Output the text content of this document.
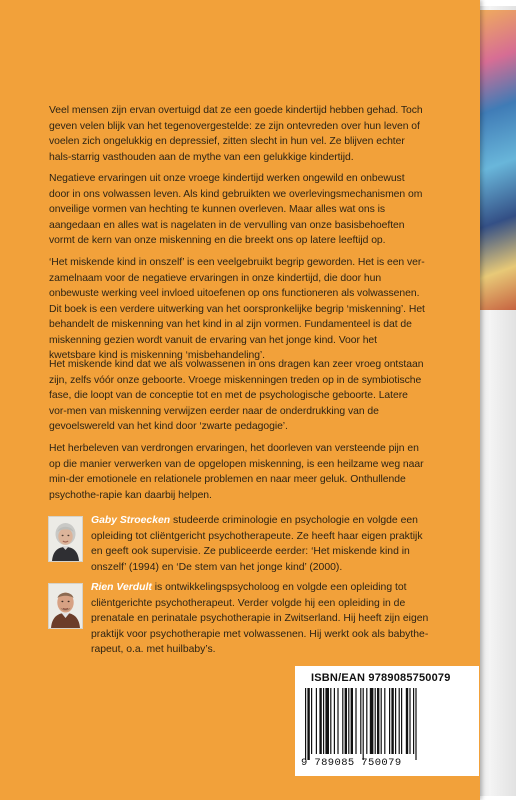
Veel mensen zijn ervan overtuigd dat ze een goede kindertijd hebben gehad. Toch geven velen blijk van het tegenovergestelde: ze zijn ontevreden over hun leven of voelen zich ongelukkig en depressief, zitten slecht in hun vel. Ze blijven echter hals-starrig vasthouden aan de mythe van een gelukkige kindertijd.

Negatieve ervaringen uit onze vroege kindertijd werken ongewild en onbewust door in ons volwassen leven. Als kind gebruikten we overlevingsmechanismen om onveilige vormen van hechting te kunnen overleven. Maar alles wat ons is aangedaan en alles wat is nagelaten in de vervulling van onze basisbehoeften vormt de kern van onze miskenning en die breekt ons op latere leeftijd op.

‘Het miskende kind in onszelf’ is een veelgebruikt begrip geworden. Het is een ver-zamelnaam voor de negatieve ervaringen in onze kindertijd, die door hun onbewuste werking veel invloed uitoefenen op ons functioneren als volwassenen. Dit boek is een verdere uitwerking van het oorspronkelijke begrip ‘miskenning’. Het behandelt de miskenning van het kind in al zijn vormen. Fundamenteel is dat de miskenning gezien wordt vanuit de ervaring van het jonge kind. Voor het kwetsbare kind is miskenning ‘misbehandeling’.

Het miskende kind dat we als volwassenen in ons dragen kan zeer vroeg ontstaan zijn, zelfs vóór onze geboorte. Vroege miskenningen treden op in de symbiotische fase, die loopt van de conceptie tot en met de psychologische geboorte. Latere vor-men van miskenning verwijzen eerder naar de onderdrukking van de gevoelswereld van het kind door ‘zwarte pedagogie’.

Het herbeleven van verdrongen ervaringen, het doorleven van versteende pijn en op die manier verwerken van de opgelopen miskenning, is een heilzame weg naar min-der emotionele en relationele problemen en naar meer geluk. Onthullende psychothe-rapie kan daarbij helpen.

Gaby Stroecken studeerde criminologie en psychologie en volgde een opleiding tot cliëntgericht psychotherapeute. Ze heeft haar eigen praktijk en geeft ook supervisie. Ze publiceerde eerder: ‘Het miskende kind in onszelf’ (1994) en ‘De stem van het jonge kind’ (2000).

Rien Verdult is ontwikkelingspsycholoog en volgde een opleiding tot cliëntgerichte psychotherapeut. Verder volgde hij een opleiding in de prenatale en perinatale psychotherapie in Zwitserland. Hij heeft zijn eigen praktijk voor psychotherapie met volwassenen. Hij werkt ook als babythe-rapeut, o.a. met huilbaby’s.

ISBN/EAN 9789085750079
9 789085 750079
